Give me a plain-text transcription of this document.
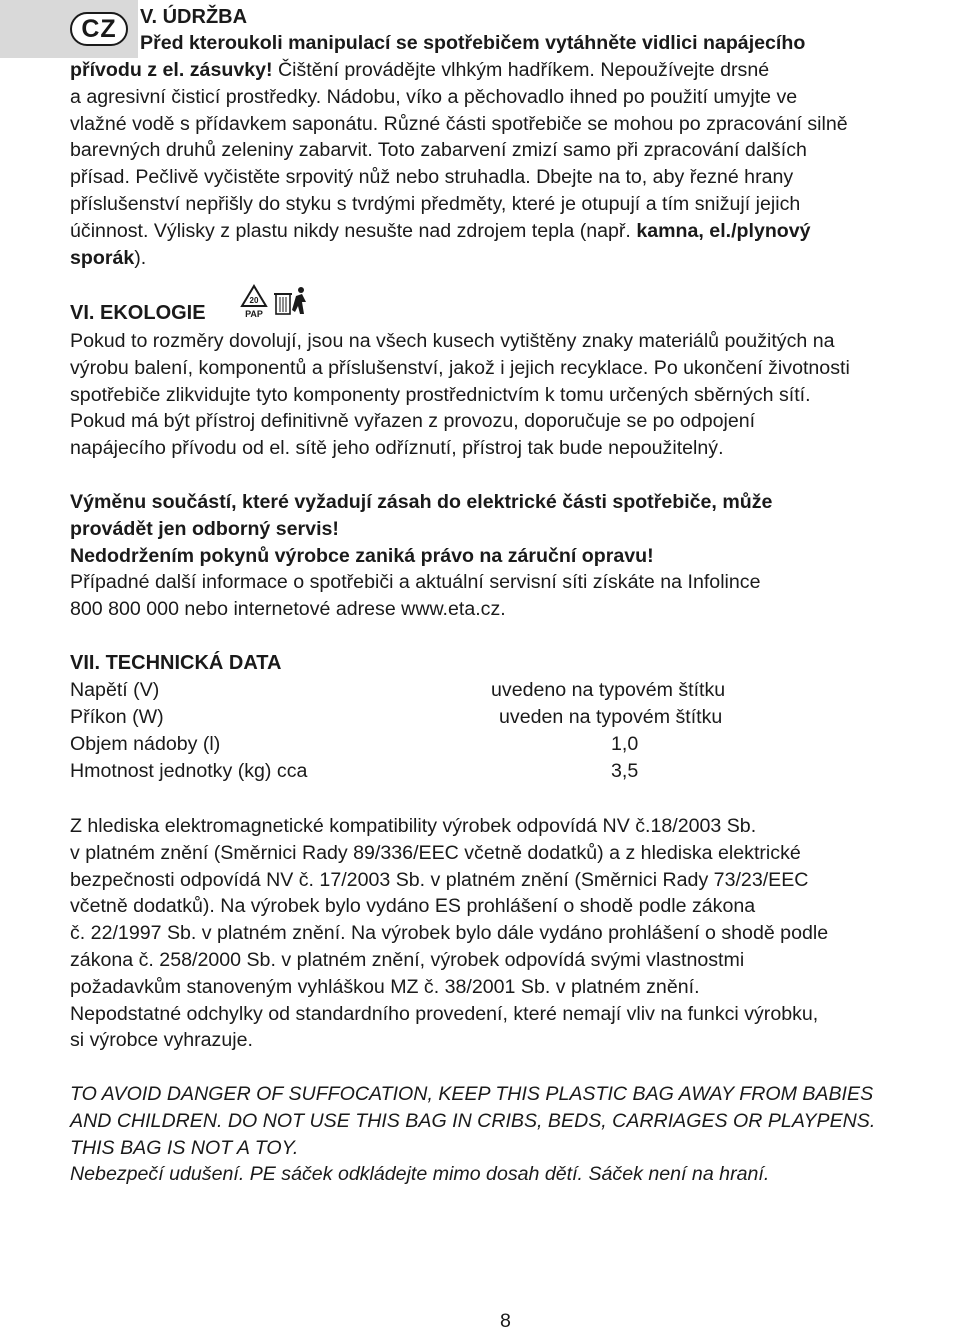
CZ	V. ÚDRŽBA
Před kteroukoli manipulací se spotřebičem vytáhněte vidlici napájecího
přívodu z el. zásuvky! Čištění provádějte vlhkým hadříkem. Nepoužívejte drsné
a agresivní čisticí prostředky. Nádobu, víko a pěchovadlo ihned po použití umyjte ve
vlažné vodě s přídavkem saponátu. Různé části spotřebiče se mohou po zpracování silně
barevných druhů zeleniny zabarvit. Toto zabarvení zmizí samo při zpracování dalších
přísad. Pečlivě vyčistěte srpovitý nůž nebo struhadla. Dbejte na to, aby řezné hrany
příslušenství nepřišly do styku s tvrdými předměty, které je otupují a tím snižují jejich
účinnost. Výlisky z plastu nikdy nesušte nad zdrojem tepla (např. kamna, el./plynový
sporák).
VI. EKOLOGIE
20
PAP
Pokud to rozměry dovolují, jsou na všech kusech vytištěny znaky materiálů použitých na
výrobu balení, komponentů a příslušenství, jakož i jejich recyklace. Po ukončení životnosti
spotřebiče zlikvidujte tyto komponenty prostřednictvím k tomu určených sběrných sítí.
Pokud má být přístroj definitivně vyřazen z provozu, doporučuje se po odpojení
napájecího přívodu od el. sítě jeho odříznutí, přístroj tak bude nepoužitelný.
Výměnu součástí, které vyžadují zásah do elektrické části spotřebiče, může
provádět jen odborný servis!
Nedodržením pokynů výrobce zaniká právo na záruční opravu!
Případné další informace o spotřebiči a aktuální servisní síti získáte na Infolince
800 800 000 nebo internetové adrese www.eta.cz.
VII. TECHNICKÁ DATA
Napětí (V)	uvedeno na typovém štítku
Příkon (W)	uveden na typovém štítku
Objem nádoby (l)	1,0
Hmotnost jednotky (kg) cca	3,5
Z hlediska elektromagnetické kompatibility výrobek odpovídá NV č.18/2003 Sb.
v platném znění (Směrnici Rady 89/336/EEC včetně dodatků) a z hlediska elektrické
bezpečnosti odpovídá NV č. 17/2003 Sb. v platném znění (Směrnici Rady 73/23/EEC
včetně dodatků). Na výrobek bylo vydáno ES prohlášení o shodě podle zákona
č. 22/1997 Sb. v platném znění. Na výrobek bylo dále vydáno prohlášení o shodě podle
zákona č. 258/2000 Sb. v platném znění, výrobek odpovídá svými vlastnostmi
požadavkům stanoveným vyhláškou MZ č. 38/2001 Sb. v platném znění.
Nepodstatné odchylky od standardního provedení, které nemají vliv na funkci výrobku,
si výrobce vyhrazuje.
TO AVOID DANGER OF SUFFOCATION, KEEP THIS PLASTIC BAG AWAY FROM BABIES
AND CHILDREN. DO NOT USE THIS BAG IN CRIBS, BEDS, CARRIAGES OR PLAYPENS.
THIS BAG IS NOT A TOY.
Nebezpečí udušení. PE sáček odkládejte mimo dosah dětí. Sáček není na hraní.
8
